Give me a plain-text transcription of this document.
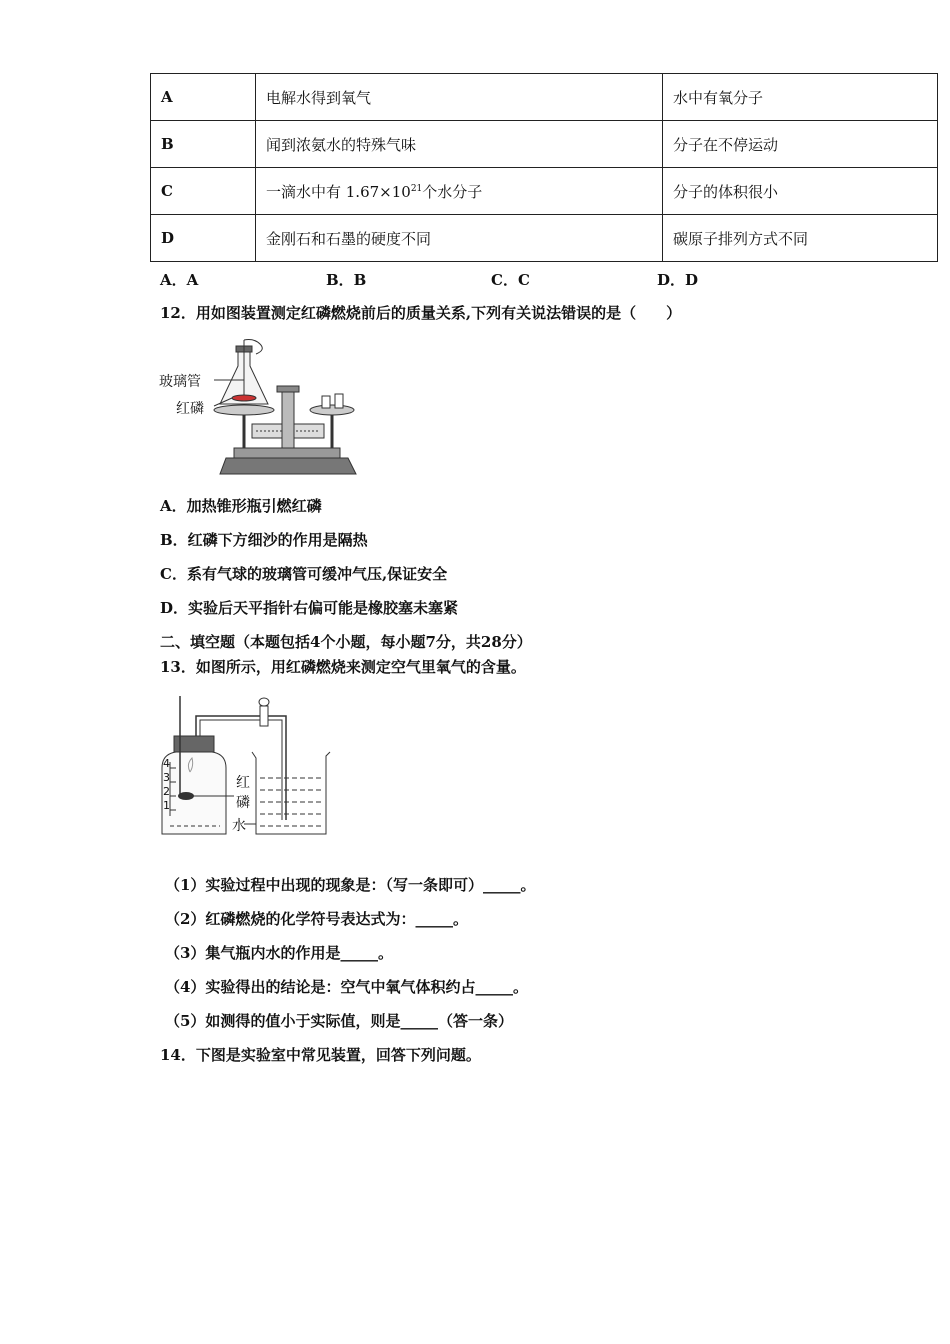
A	电解水得到氧气	水中有氧分子
B	闻到浓氨水的特殊气味	分子在不停运动
C	一滴水中有 $1.67\times 10^{21}$个水分子	分子的体积很小
D	金刚石和石墨的硬度不同	碳原子排列方式不同
A．A	B．B	C．C	D．D
12．用如图装置测定红磷燃烧前后的质量关系,下列有关说法错误的是（　　）
玻璃管
红磷
A．加热锥形瓶引燃红磷
B．红磷下方细沙的作用是隔热
C．系有气球的玻璃管可缓冲气压,保证安全
D．实验后天平指针右偏可能是橡胶塞未塞紧
二、填空题（本题包括4个小题，每小题7分，共28分）
13．如图所示，用红磷燃烧来测定空气里氧气的含量。
4
3
2
1
红
磷
水
（1）实验过程中出现的现象是：（写一条即可）_____。
（2）红磷燃烧的化学符号表达式为：_____。
（3）集气瓶内水的作用是_____。
（4）实验得出的结论是：空气中氧气体积约占_____。
（5）如测得的值小于实际值，则是_____（答一条）
14．下图是实验室中常见装置，回答下列问题。
